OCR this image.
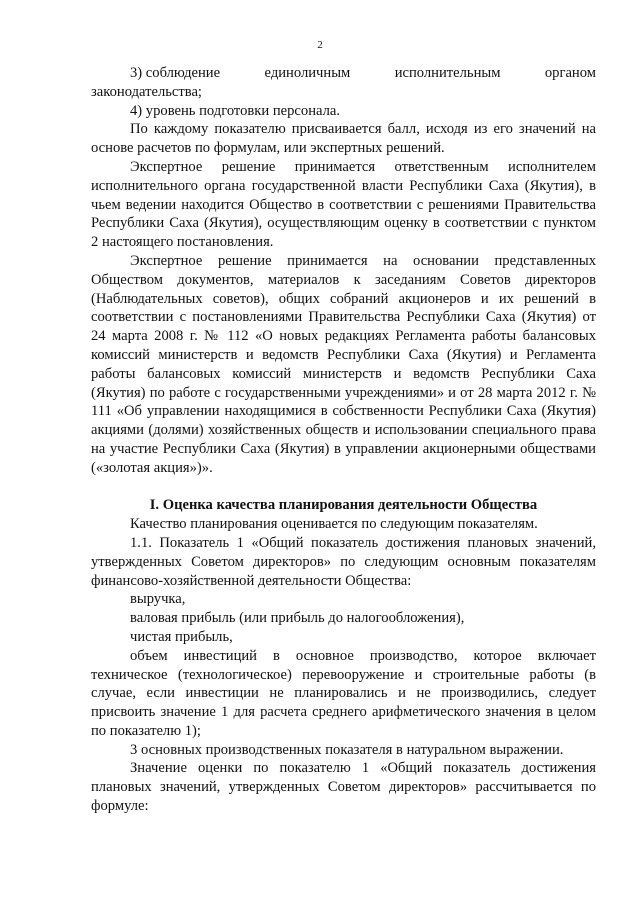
2
3) соблюдение	единоличным	исполнительным	органом

законодательства;

4) уровень подготовки персонала.

По каждому показателю присваивается балл, исходя из его значений на основе расчетов по формулам, или экспертных решений.

Экспертное решение принимается ответственным исполнителем исполнительного органа государственной власти Республики Саха (Якутия), в чьем ведении находится Общество в соответствии с решениями Правительства Республики Саха (Якутия), осуществляющим оценку в соответствии с пунктом 2 настоящего постановления.

Экспертное решение принимается на основании представленных Обществом документов, материалов к заседаниям Советов директоров (Наблюдательных советов), общих собраний акционеров и их решений в соответствии с постановлениями Правительства Республики Саха (Якутия) от 24 марта 2008 г. № 112 «О новых редакциях Регламента работы балансовых комиссий министерств и ведомств Республики Саха (Якутия) и Регламента работы балансовых комиссий министерств и ведомств Республики Саха (Якутия) по работе с государственными учреждениями» и от 28 марта 2012 г. № 111 «Об управлении находящимися в собственности Республики Саха (Якутия) акциями (долями) хозяйственных обществ и использовании специального права на участие Республики Саха (Якутия) в управлении акционерными обществами («золотая акция»)».

I. Оценка качества планирования деятельности Общества

Качество планирования оценивается по следующим показателям.

1.1. Показатель 1 «Общий показатель достижения плановых значений, утвержденных Советом директоров» по следующим основным показателям финансово-хозяйственной деятельности Общества:

выручка,

валовая прибыль (или прибыль до налогообложения),

чистая прибыль,

объем инвестиций в основное производство, которое включает техническое (технологическое) перевооружение и строительные работы (в случае, если инвестиции не планировались и не производились, следует присвоить значение 1 для расчета среднего арифметического значения в целом по показателю 1);

3 основных производственных показателя в натуральном выражении.

Значение оценки по показателю 1 «Общий показатель достижения плановых значений, утвержденных Советом директоров» рассчитывается по формуле:
